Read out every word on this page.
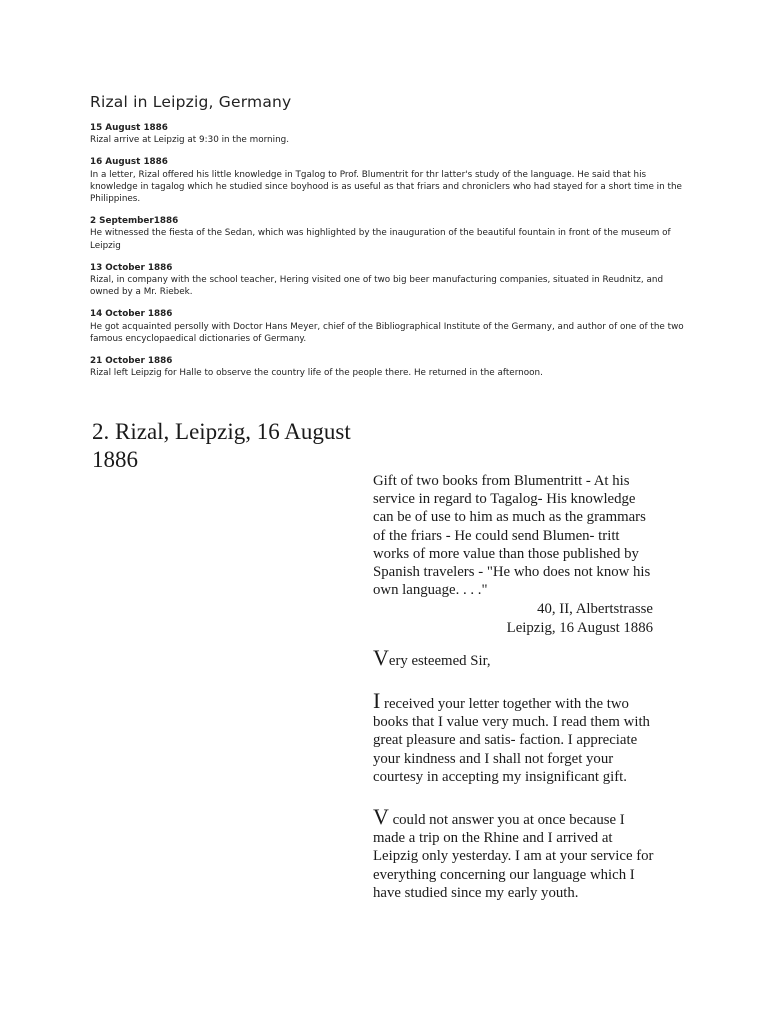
Rizal in Leipzig, Germany
15 August 1886
Rizal arrive at Leipzig at 9:30 in the morning.
16 August 1886
In a letter, Rizal offered his little knowledge in Tgalog to Prof. Blumentrit for thr latter's study of the language. He said that his knowledge in tagalog which he studied since boyhood is as useful as that friars and chroniclers who had stayed for a short time in the Philippines.
2 September1886
He witnessed the fiesta of the Sedan, which was highlighted by the inauguration of the beautiful fountain in front of the museum of Leipzig
13 October 1886
Rizal, in company with the school teacher, Hering visited one of two big beer manufacturing companies, situated in Reudnitz, and owned by a Mr. Riebek.
14 October 1886
He got acquainted persolly with Doctor Hans Meyer, chief of the Bibliographical Institute of the Germany, and author of one of the two famous encyclopaedical dictionaries of Germany.
21 October 1886
Rizal left Leipzig for Halle to observe the country life of the people there. He returned in the afternoon.
2. Rizal, Leipzig, 16 August 1886

Gift of two books from Blumentritt - At his service in regard to Tagalog- His knowledge can be of use to him as much as the grammars of the friars - He could send Blumen- tritt works of more value than those published by Spanish travelers - "He who does not know his own language. . . ."

40, II, Albertstrasse
Leipzig, 16 August 1886

Very esteemed Sir,

I received your letter together with the two books that I value very much. I read them with great pleasure and satis- faction. I appreciate your kindness and I shall not forget your courtesy in accepting my insignificant gift.

V could not answer you at once because I made a trip on the Rhine and I arrived at Leipzig only yesterday. I am at your service for everything concerning our language which I have studied since my early youth.
